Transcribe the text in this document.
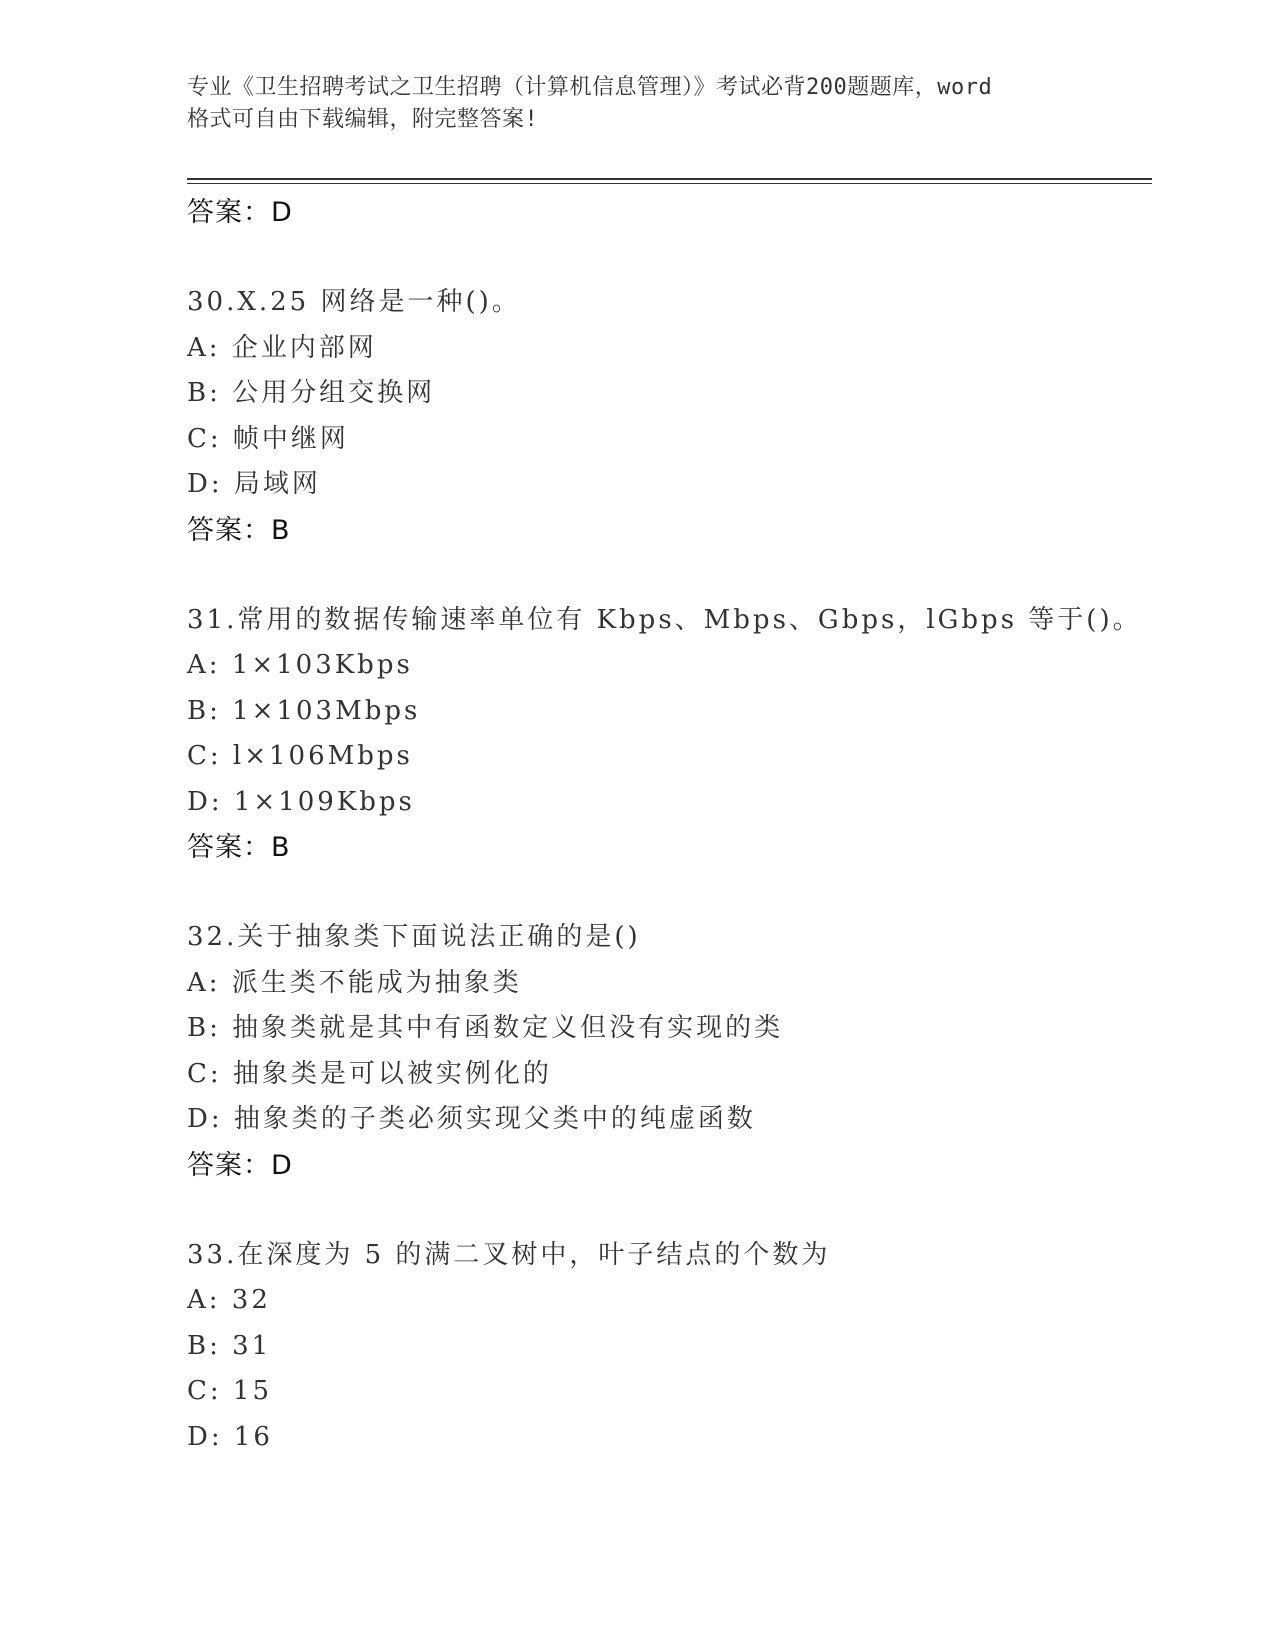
专业《卫生招聘考试之卫生招聘（计算机信息管理）》考试必背200题题库，word
格式可自由下载编辑，附完整答案!
答案：D
30.X.25 网络是一种()。
A: 企业内部网
B: 公用分组交换网
C: 帧中继网
D: 局域网
答案：B
31.常用的数据传输速率单位有 Kbps、Mbps、Gbps，lGbps 等于()。
A: 1×103Kbps
B: 1×103Mbps
C: l×106Mbps
D: 1×109Kbps
答案：B
32.关于抽象类下面说法正确的是()
A: 派生类不能成为抽象类
B: 抽象类就是其中有函数定义但没有实现的类
C: 抽象类是可以被实例化的
D: 抽象类的子类必须实现父类中的纯虚函数
答案：D
33.在深度为 5 的满二叉树中，叶子结点的个数为
A: 32
B: 31
C: 15
D: 16
